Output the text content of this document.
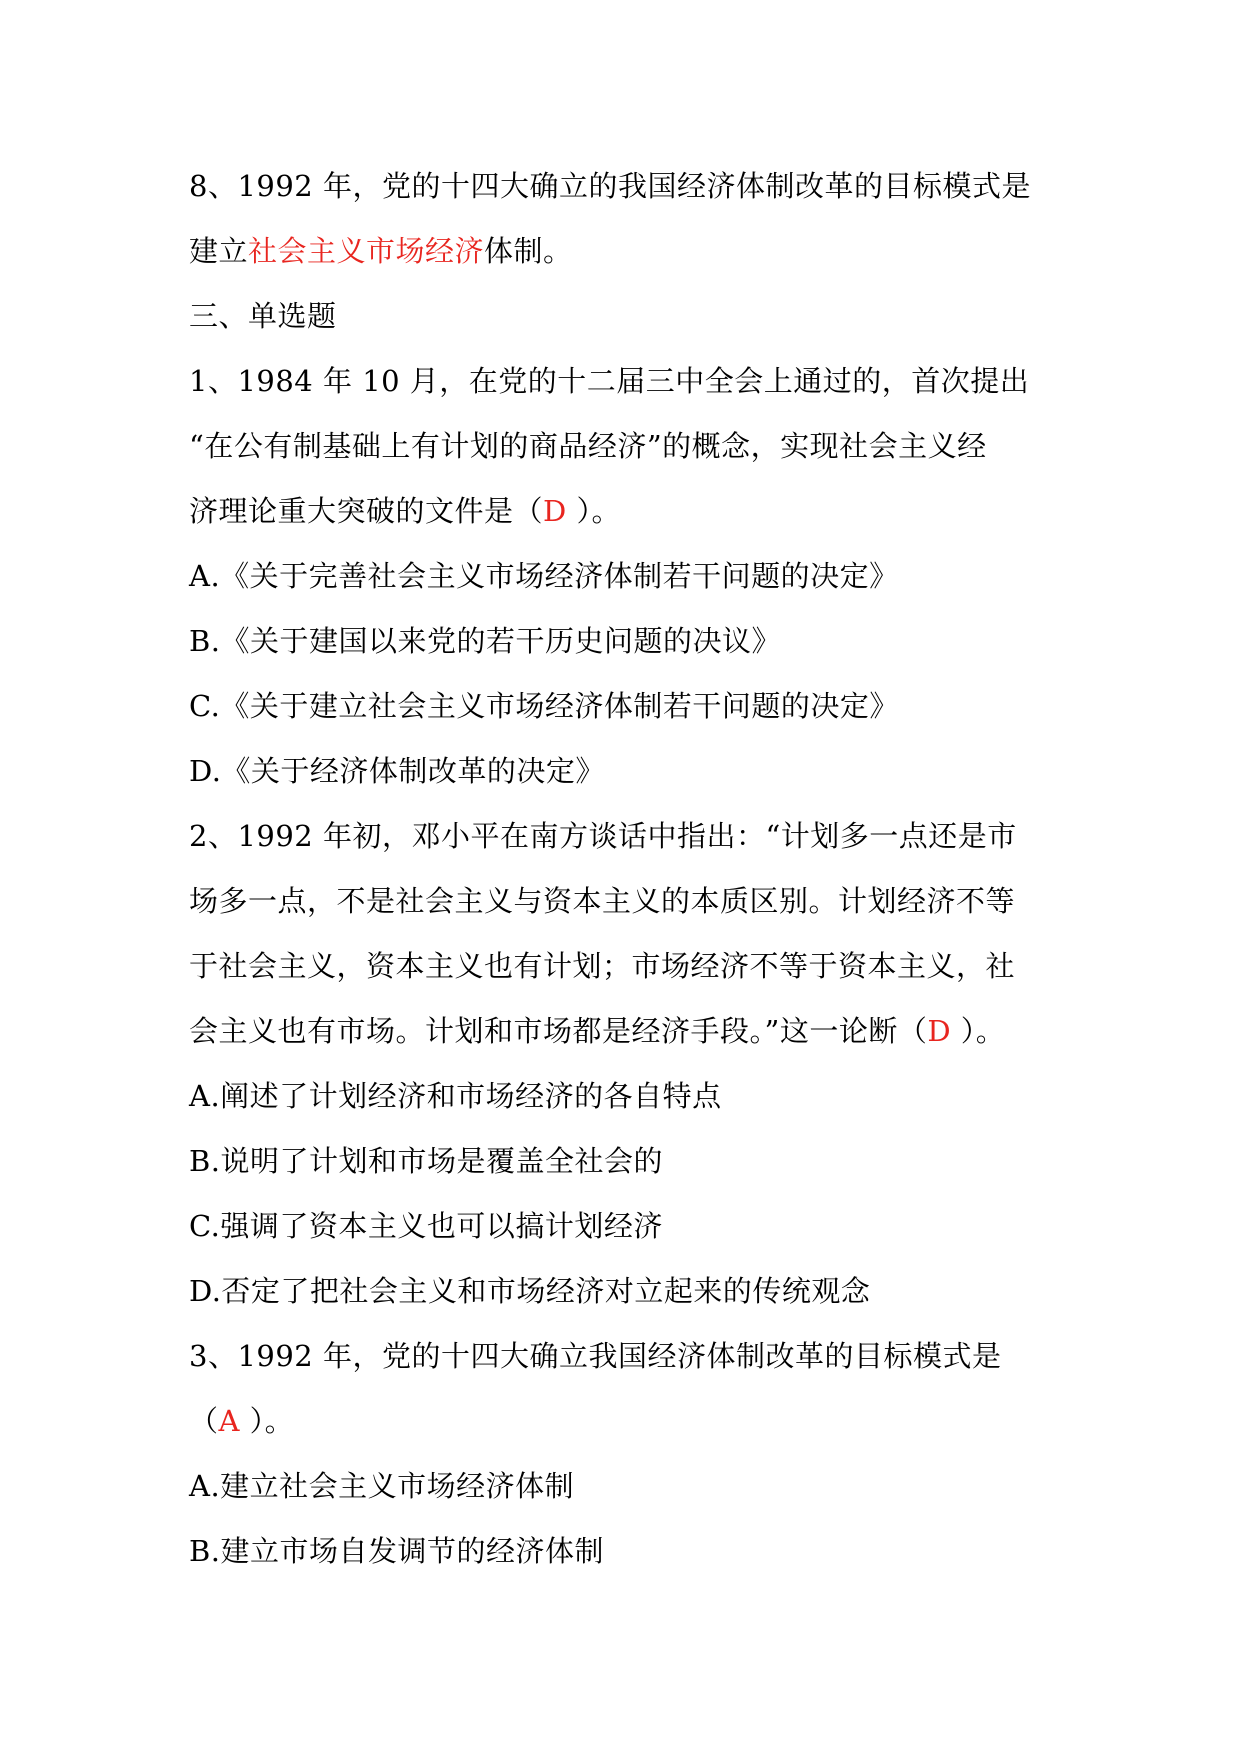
8、1992 年，党的十四大确立的我国经济体制改革的目标模式是
建立社会主义市场经济体制。
三、单选题
1、1984 年 10 月，在党的十二届三中全会上通过的，首次提出
“在公有制基础上有计划的商品经济”的概念，实现社会主义经
济理论重大突破的文件是（D ）。
A.《关于完善社会主义市场经济体制若干问题的决定》
B.《关于建国以来党的若干历史问题的决议》
C.《关于建立社会主义市场经济体制若干问题的决定》
D.《关于经济体制改革的决定》
2、1992 年初，邓小平在南方谈话中指出：“计划多一点还是市
场多一点，不是社会主义与资本主义的本质区别。计划经济不等
于社会主义，资本主义也有计划；市场经济不等于资本主义，社
会主义也有市场。计划和市场都是经济手段。”这一论断（D ）。
A.阐述了计划经济和市场经济的各自特点
B.说明了计划和市场是覆盖全社会的
C.强调了资本主义也可以搞计划经济
D.否定了把社会主义和市场经济对立起来的传统观念
3、1992 年，党的十四大确立我国经济体制改革的目标模式是
（A ）。
A.建立社会主义市场经济体制
B.建立市场自发调节的经济体制
